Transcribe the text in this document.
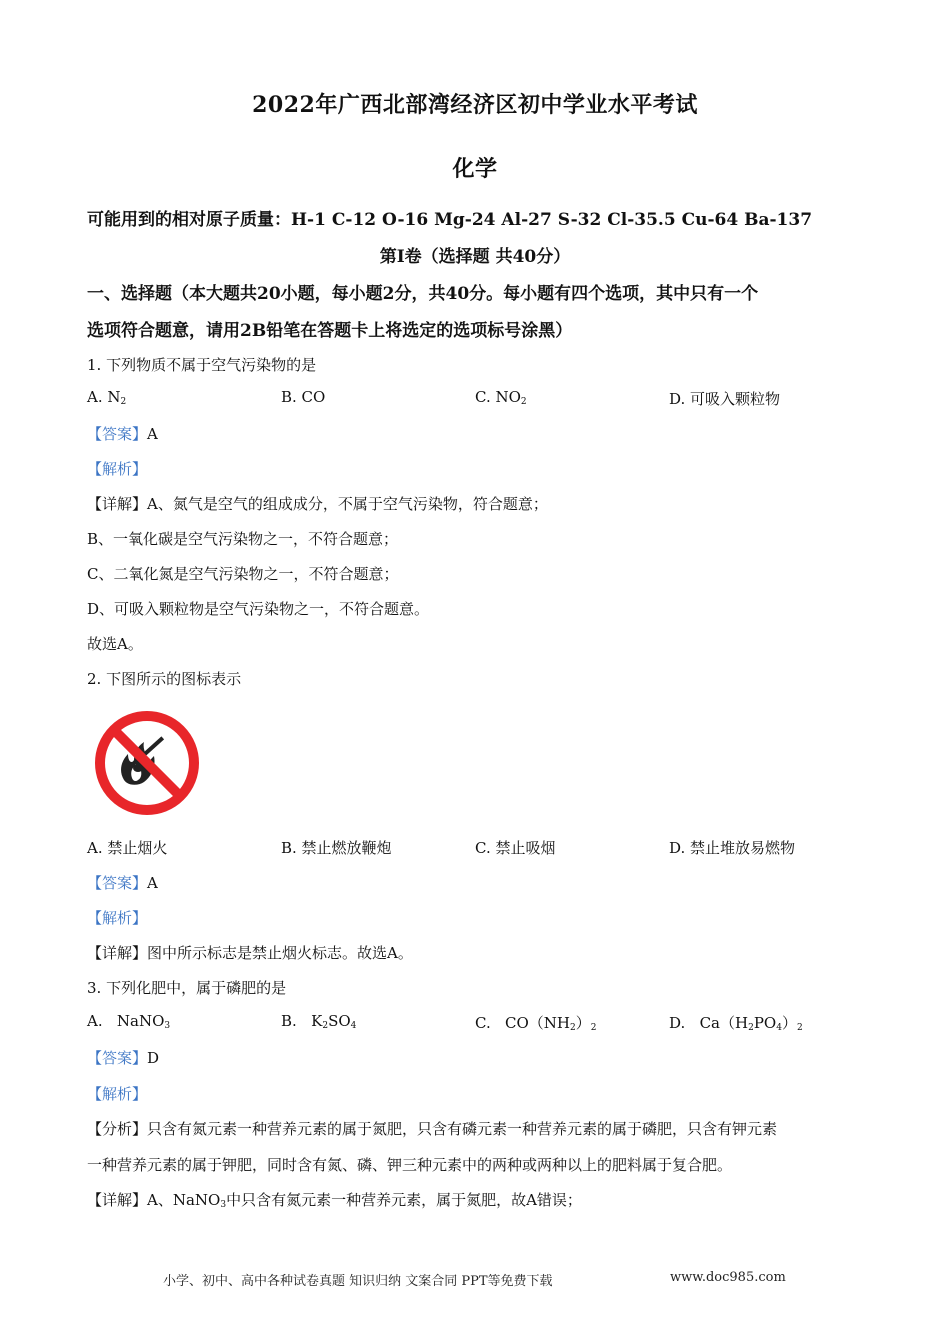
2022年广西北部湾经济区初中学业水平考试
化学
可能用到的相对原子质量：H-1 C-12 O-16 Mg-24 Al-27 S-32 Cl-35.5 Cu-64 Ba-137
第I卷（选择题 共40分）
一、选择题（本大题共20小题，每小题2分，共40分。每小题有四个选项，其中只有一个
选项符合题意，请用2B铅笔在答题卡上将选定的选项标号涂黑）
1. 下列物质不属于空气污染物的是
A. $N_2$	B. CO	C. $NO_2$	D. 可吸入颗粒物
【答案】A
【解析】
【详解】A、氮气是空气的组成成分，不属于空气污染物，符合题意；
B、一氧化碳是空气污染物之一，不符合题意；
C、二氧化氮是空气污染物之一，不符合题意；
D、可吸入颗粒物是空气污染物之一，不符合题意。
故选A。
2. 下图所示的图标表示
A. 禁止烟火	B. 禁止燃放鞭炮	C. 禁止吸烟	D. 禁止堆放易燃物
【答案】A
【解析】
【详解】图中所示标志是禁止烟火标志。故选A。
3. 下列化肥中，属于磷肥的是
A. NaNO$_3$	B. $K_2SO_4$	C. $CO(NH_2)_2$	D. $Ca(H_2PO_4)_2$
【答案】D
【解析】
【分析】只含有氮元素一种营养元素的属于氮肥，只含有磷元素一种营养元素的属于磷肥，只含有钾元素
一种营养元素的属于钾肥，同时含有氮、磷、钾三种元素中的两种或两种以上的肥料属于复合肥。
【详解】A、NaNO$_3$中只含有氮元素一种营养元素，属于氮肥，故A错误；
小学、初中、高中各种试卷真题 知识归纳 文案合同 PPT等免费下载	www.doc985.com
